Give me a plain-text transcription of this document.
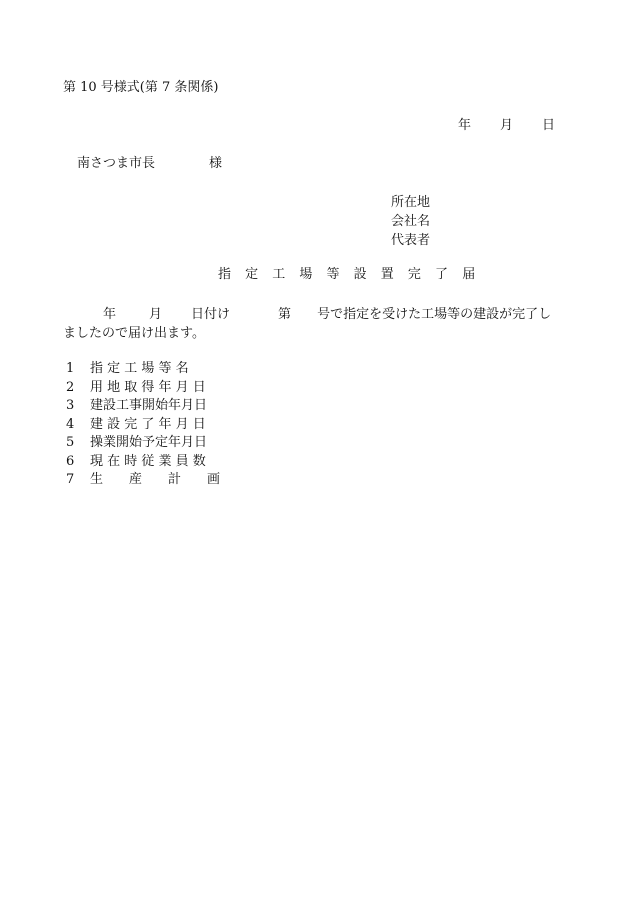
第 10 号様式(第 7 条関係)
年 月 日
南さつま市長	様
所在地
会社名
代表者
指 定 工 場 等 設 置 完 了 届
年	月 日付け	第 号で指定を受けた工場等の建設が完了し
ましたので届け出ます。
1	指 定 工 場 等 名
2	用 地 取 得 年 月 日
3	建設工事開始年月日
4	建 設 完 了 年 月 日
5	操業開始予定年月日
6	現 在 時 従 業 員 数
7	生　　産　　計　　画
